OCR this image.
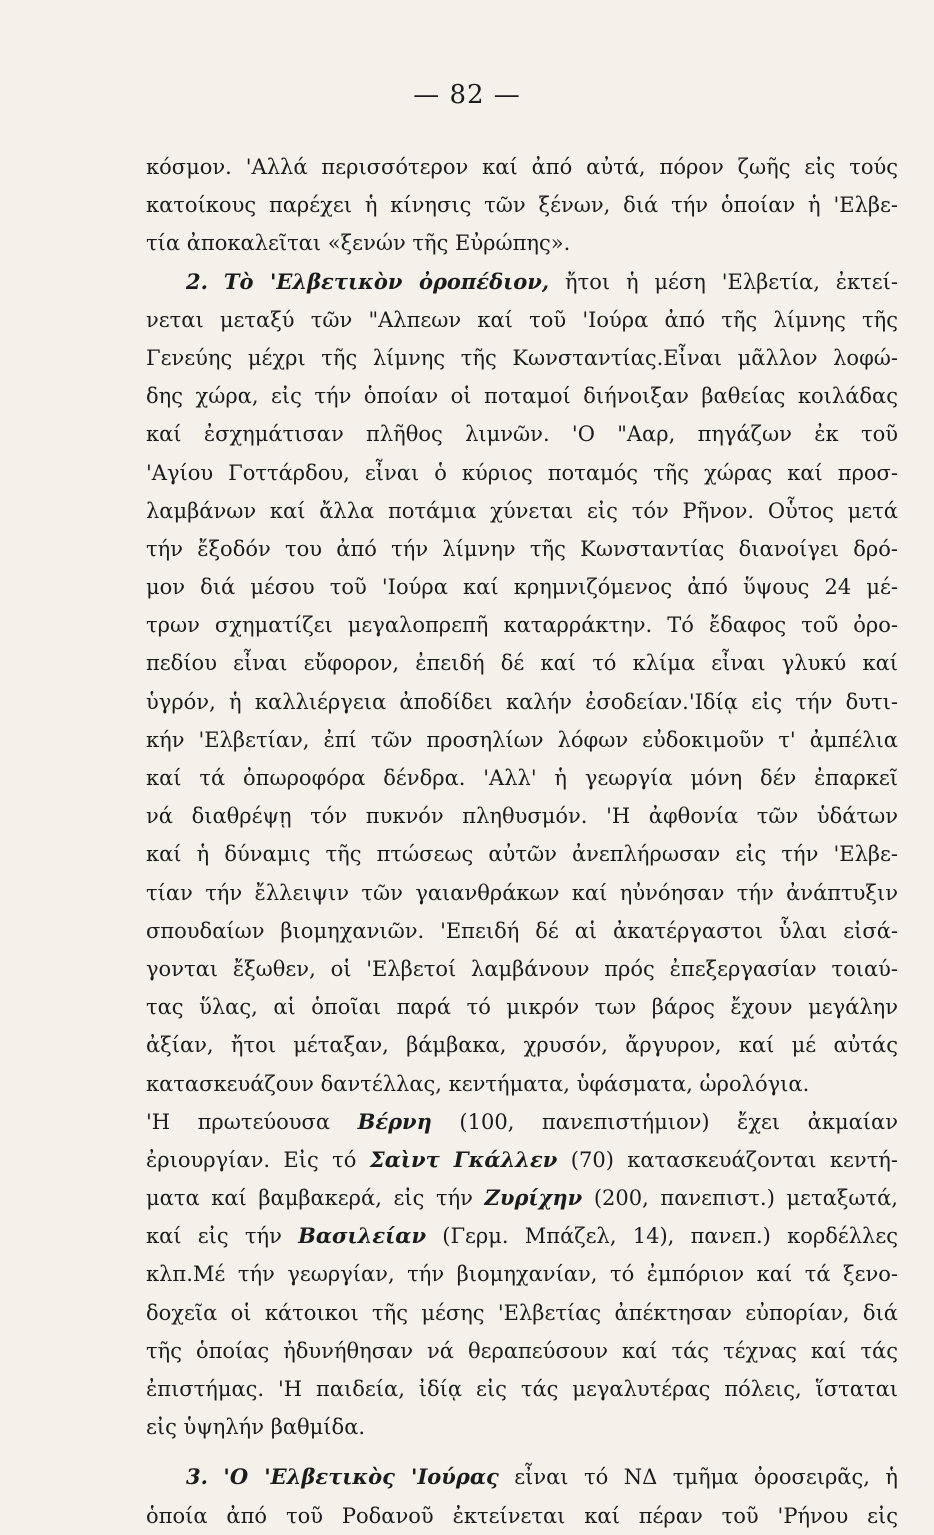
— 82 —
κόσμον. 'Αλλά περισσότερον καί ἀπό αὐτά, πόρον ζωῆς εἰς τούς
κατοίκους παρέχει ἡ κίνησις τῶν ξένων, διά τήν ὁποίαν ἡ 'Ελβε-
τία ἀποκαλεῖται «ξενών τῆς Εὐρώπης».
2. Τὸ 'Ελβετικὸν ὀροπέδιον, ἤτοι ἡ μέση 'Ελβετία, ἐκτεί-
νεται μεταξύ τῶν "Αλπεων καί τοῦ 'Ιούρα ἀπό τῆς λίμνης τῆς
Γενεύης μέχρι τῆς λίμνης τῆς Κωνσταντίας.Εἶναι μᾶλλον λοφώ-
δης χώρα, εἰς τήν ὁποίαν οἱ ποταμοί διήνοιξαν βαθείας κοιλάδας
καί ἐσχημάτισαν πλῆθος λιμνῶν. 'Ο "Ααρ, πηγάζων ἐκ τοῦ
'Αγίου Γοττάρδου, εἶναι ὁ κύριος ποταμός τῆς χώρας καί προσ-
λαμβάνων καί ἄλλα ποτάμια χύνεται εἰς τόν Ρῆνον. Οὗτος μετά
τήν ἔξοδόν του ἀπό τήν λίμνην τῆς Κωνσταντίας διανοίγει δρό-
μον διά μέσου τοῦ 'Ιούρα καί κρημνιζόμενος ἀπό ὕψους 24 μέ-
τρων σχηματίζει μεγαλοπρεπῆ καταρράκτην. Τό ἔδαφος τοῦ ὀρο-
πεδίου εἶναι εὔφορον, ἐπειδή δέ καί τό κλίμα εἶναι γλυκύ καί
ὑγρόν, ἡ καλλιέργεια ἀποδίδει καλήν ἐσοδείαν.'Ιδίᾳ εἰς τήν δυτι-
κήν 'Ελβετίαν, ἐπί τῶν προσηλίων λόφων εὐδοκιμοῦν τ' ἀμπέλια
καί τά ὀπωροφόρα δένδρα. 'Αλλ' ἡ γεωργία μόνη δέν ἐπαρκεῖ
νά διαθρέψῃ τόν πυκνόν πληθυσμόν. 'Η ἀφθονία τῶν ὑδάτων
καί ἡ δύναμις τῆς πτώσεως αὐτῶν ἀνεπλήρωσαν εἰς τήν 'Ελβε-
τίαν τήν ἔλλειψιν τῶν γαιανθράκων καί ηὐνόησαν τήν ἀνάπτυξιν
σπουδαίων βιομηχανιῶν. 'Επειδή δέ αἱ ἀκατέργαστοι ὗλαι εἰσά-
γονται ἔξωθεν, οἱ 'Ελβετοί λαμβάνουν πρός ἐπεξεργασίαν τοιαύ-
τας ὕλας, αἱ ὁποῖαι παρά τό μικρόν των βάρος ἔχουν μεγάλην
ἀξίαν, ἤτοι μέταξαν, βάμβακα, χρυσόν, ἄργυρον, καί μέ αὐτάς
κατασκευάζουν δαντέλλας, κεντήματα, ὑφάσματα, ὡρολόγια.
'Η πρωτεύουσα Βέρνη (100, πανεπιστήμιον) ἔχει ἀκμαίαν
ἐριουργίαν. Εἰς τό Σαὶντ Γκάλλεν (70) κατασκευάζονται κεντή-
ματα καί βαμβακερά, εἰς τήν Ζυρίχην (200, πανεπιστ.) μεταξωτά,
καί εἰς τήν Βασιλείαν (Γερμ. Μπάζελ, 14), πανεπ.) κορδέλλες
κλπ.Μέ τήν γεωργίαν, τήν βιομηχανίαν, τό ἐμπόριον καί τά ξενο-
δοχεῖα οἱ κάτοικοι τῆς μέσης 'Ελβετίας ἀπέκτησαν εὐπορίαν, διά
τῆς ὁποίας ἠδυνήθησαν νά θεραπεύσουν καί τάς τέχνας καί τάς
ἐπιστήμας. 'Η παιδεία, ἰδίᾳ εἰς τάς μεγαλυτέρας πόλεις, ἵσταται
εἰς ὑψηλήν βαθμίδα.
3. 'Ο 'Ελβετικὸς 'Ιούρας εἶναι τό ΝΔ τμῆμα ὀροσειρᾶς, ἡ
ὁποία ἀπό τοῦ Ροδανοῦ ἐκτείνεται καί πέραν τοῦ 'Ρήνου εἰς
